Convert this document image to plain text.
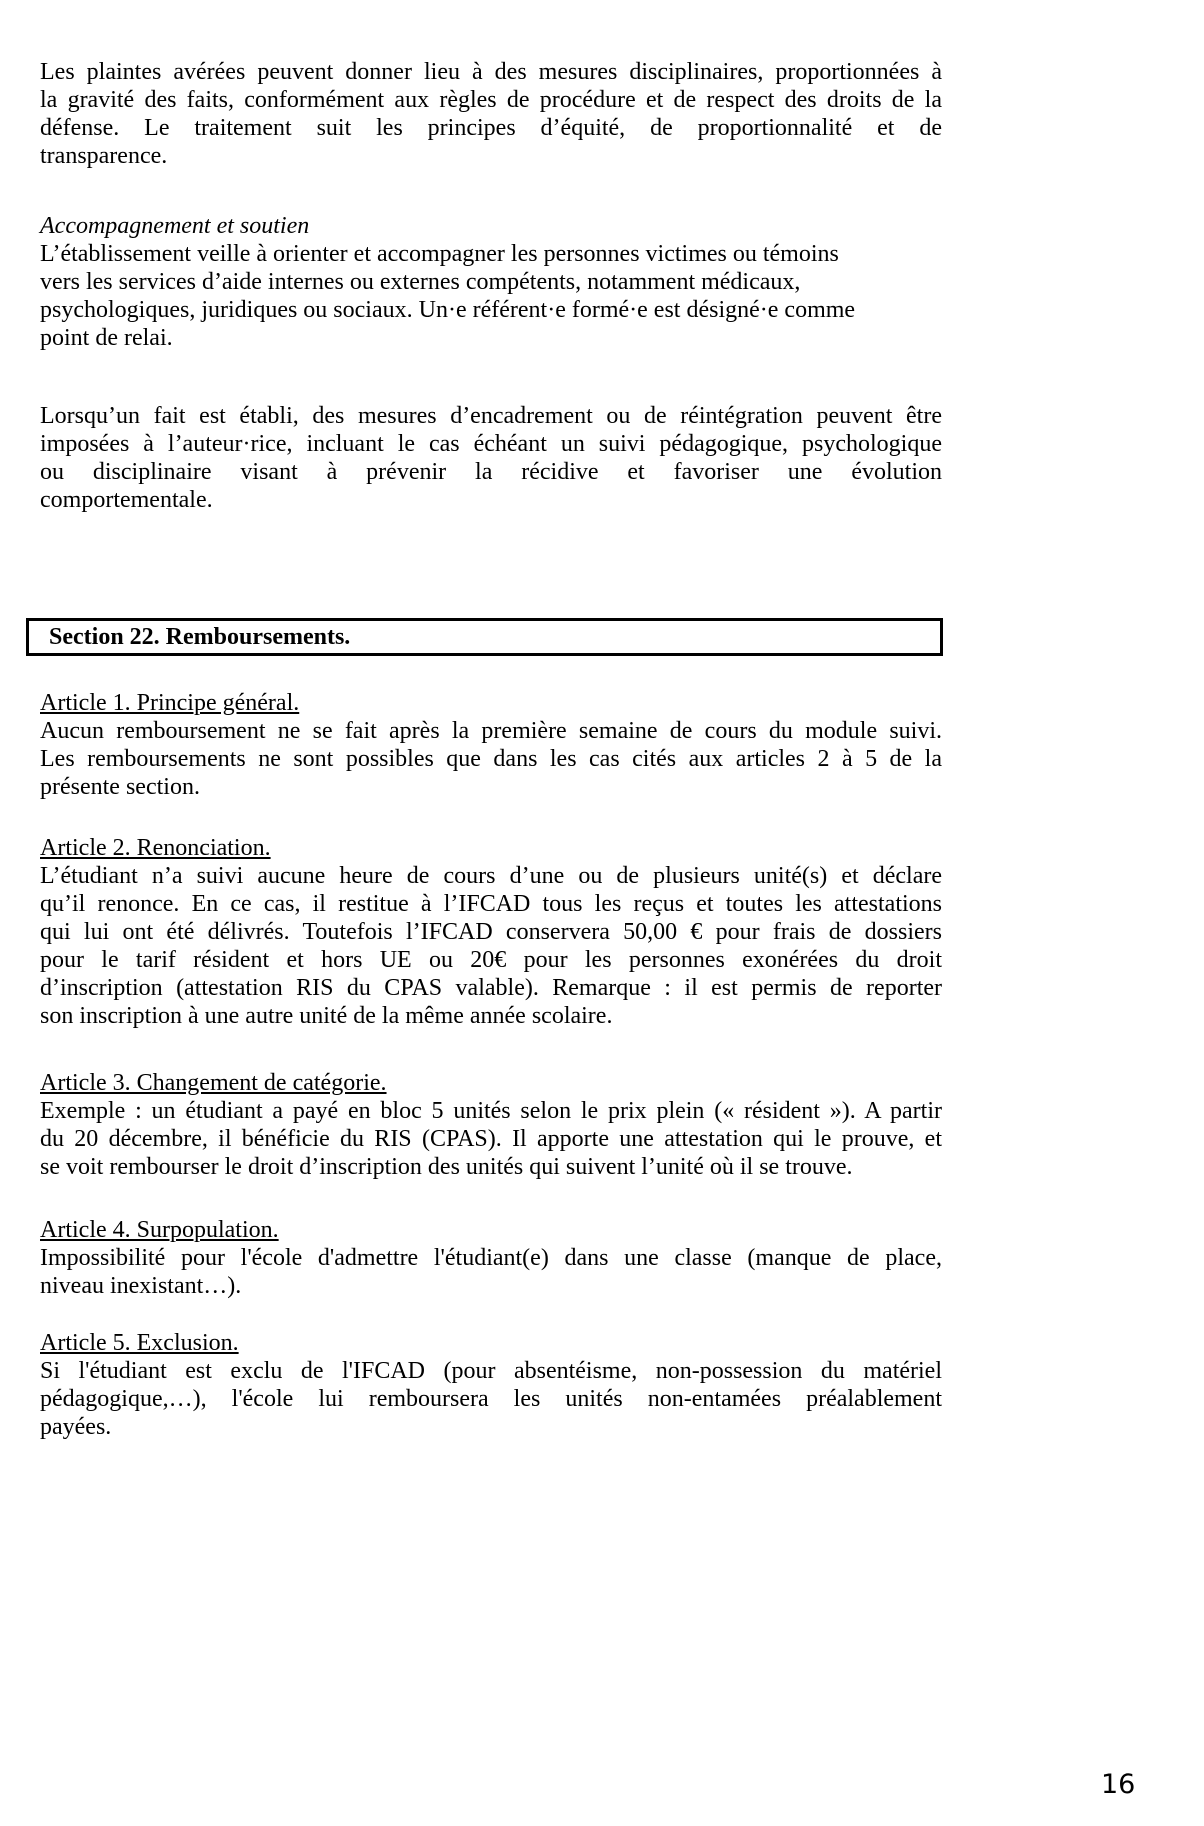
Les plaintes avérées peuvent donner lieu à des mesures disciplinaires, proportionnées à
la gravité des faits, conformément aux règles de procédure et de respect des droits de la
défense. Le traitement suit les principes d’équité, de proportionnalité et de
transparence.
Accompagnement et soutien
L’établissement veille à orienter et accompagner les personnes victimes ou témoins
vers les services d’aide internes ou externes compétents, notamment médicaux,
psychologiques, juridiques ou sociaux. Un·e référent·e formé·e est désigné·e comme
point de relai.
Lorsqu’un fait est établi, des mesures d’encadrement ou de réintégration peuvent être
imposées à l’auteur·rice, incluant le cas échéant un suivi pédagogique, psychologique
ou disciplinaire visant à prévenir la récidive et favoriser une évolution
comportementale.
Section 22. Remboursements.
Article 1. Principe général.
Aucun remboursement ne se fait après la première semaine de cours du module suivi.
Les remboursements ne sont possibles que dans les cas cités aux articles 2 à 5 de la
présente section.
Article 2. Renonciation.
L’étudiant n’a suivi aucune heure de cours d’une ou de plusieurs unité(s) et déclare
qu’il renonce. En ce cas, il restitue à l’IFCAD tous les reçus et toutes les attestations
qui lui ont été délivrés. Toutefois l’IFCAD conservera 50,00 € pour frais de dossiers
pour le tarif résident et hors UE ou 20€ pour les personnes exonérées du droit
d’inscription (attestation RIS du CPAS valable). Remarque : il est permis de reporter
son inscription à une autre unité de la même année scolaire.
Article 3. Changement de catégorie.
Exemple : un étudiant a payé en bloc 5 unités selon le prix plein (« résident »). A partir
du 20 décembre, il bénéficie du RIS (CPAS). Il apporte une attestation qui le prouve, et
se voit rembourser le droit d’inscription des unités qui suivent l’unité où il se trouve.
Article 4. Surpopulation.
Impossibilité pour l'école d'admettre l'étudiant(e) dans une classe (manque de place,
niveau inexistant…).
Article 5. Exclusion.
Si l'étudiant est exclu de l'IFCAD (pour absentéisme, non-possession du matériel
pédagogique,…), l'école lui remboursera les unités non-entamées préalablement
payées.
16
